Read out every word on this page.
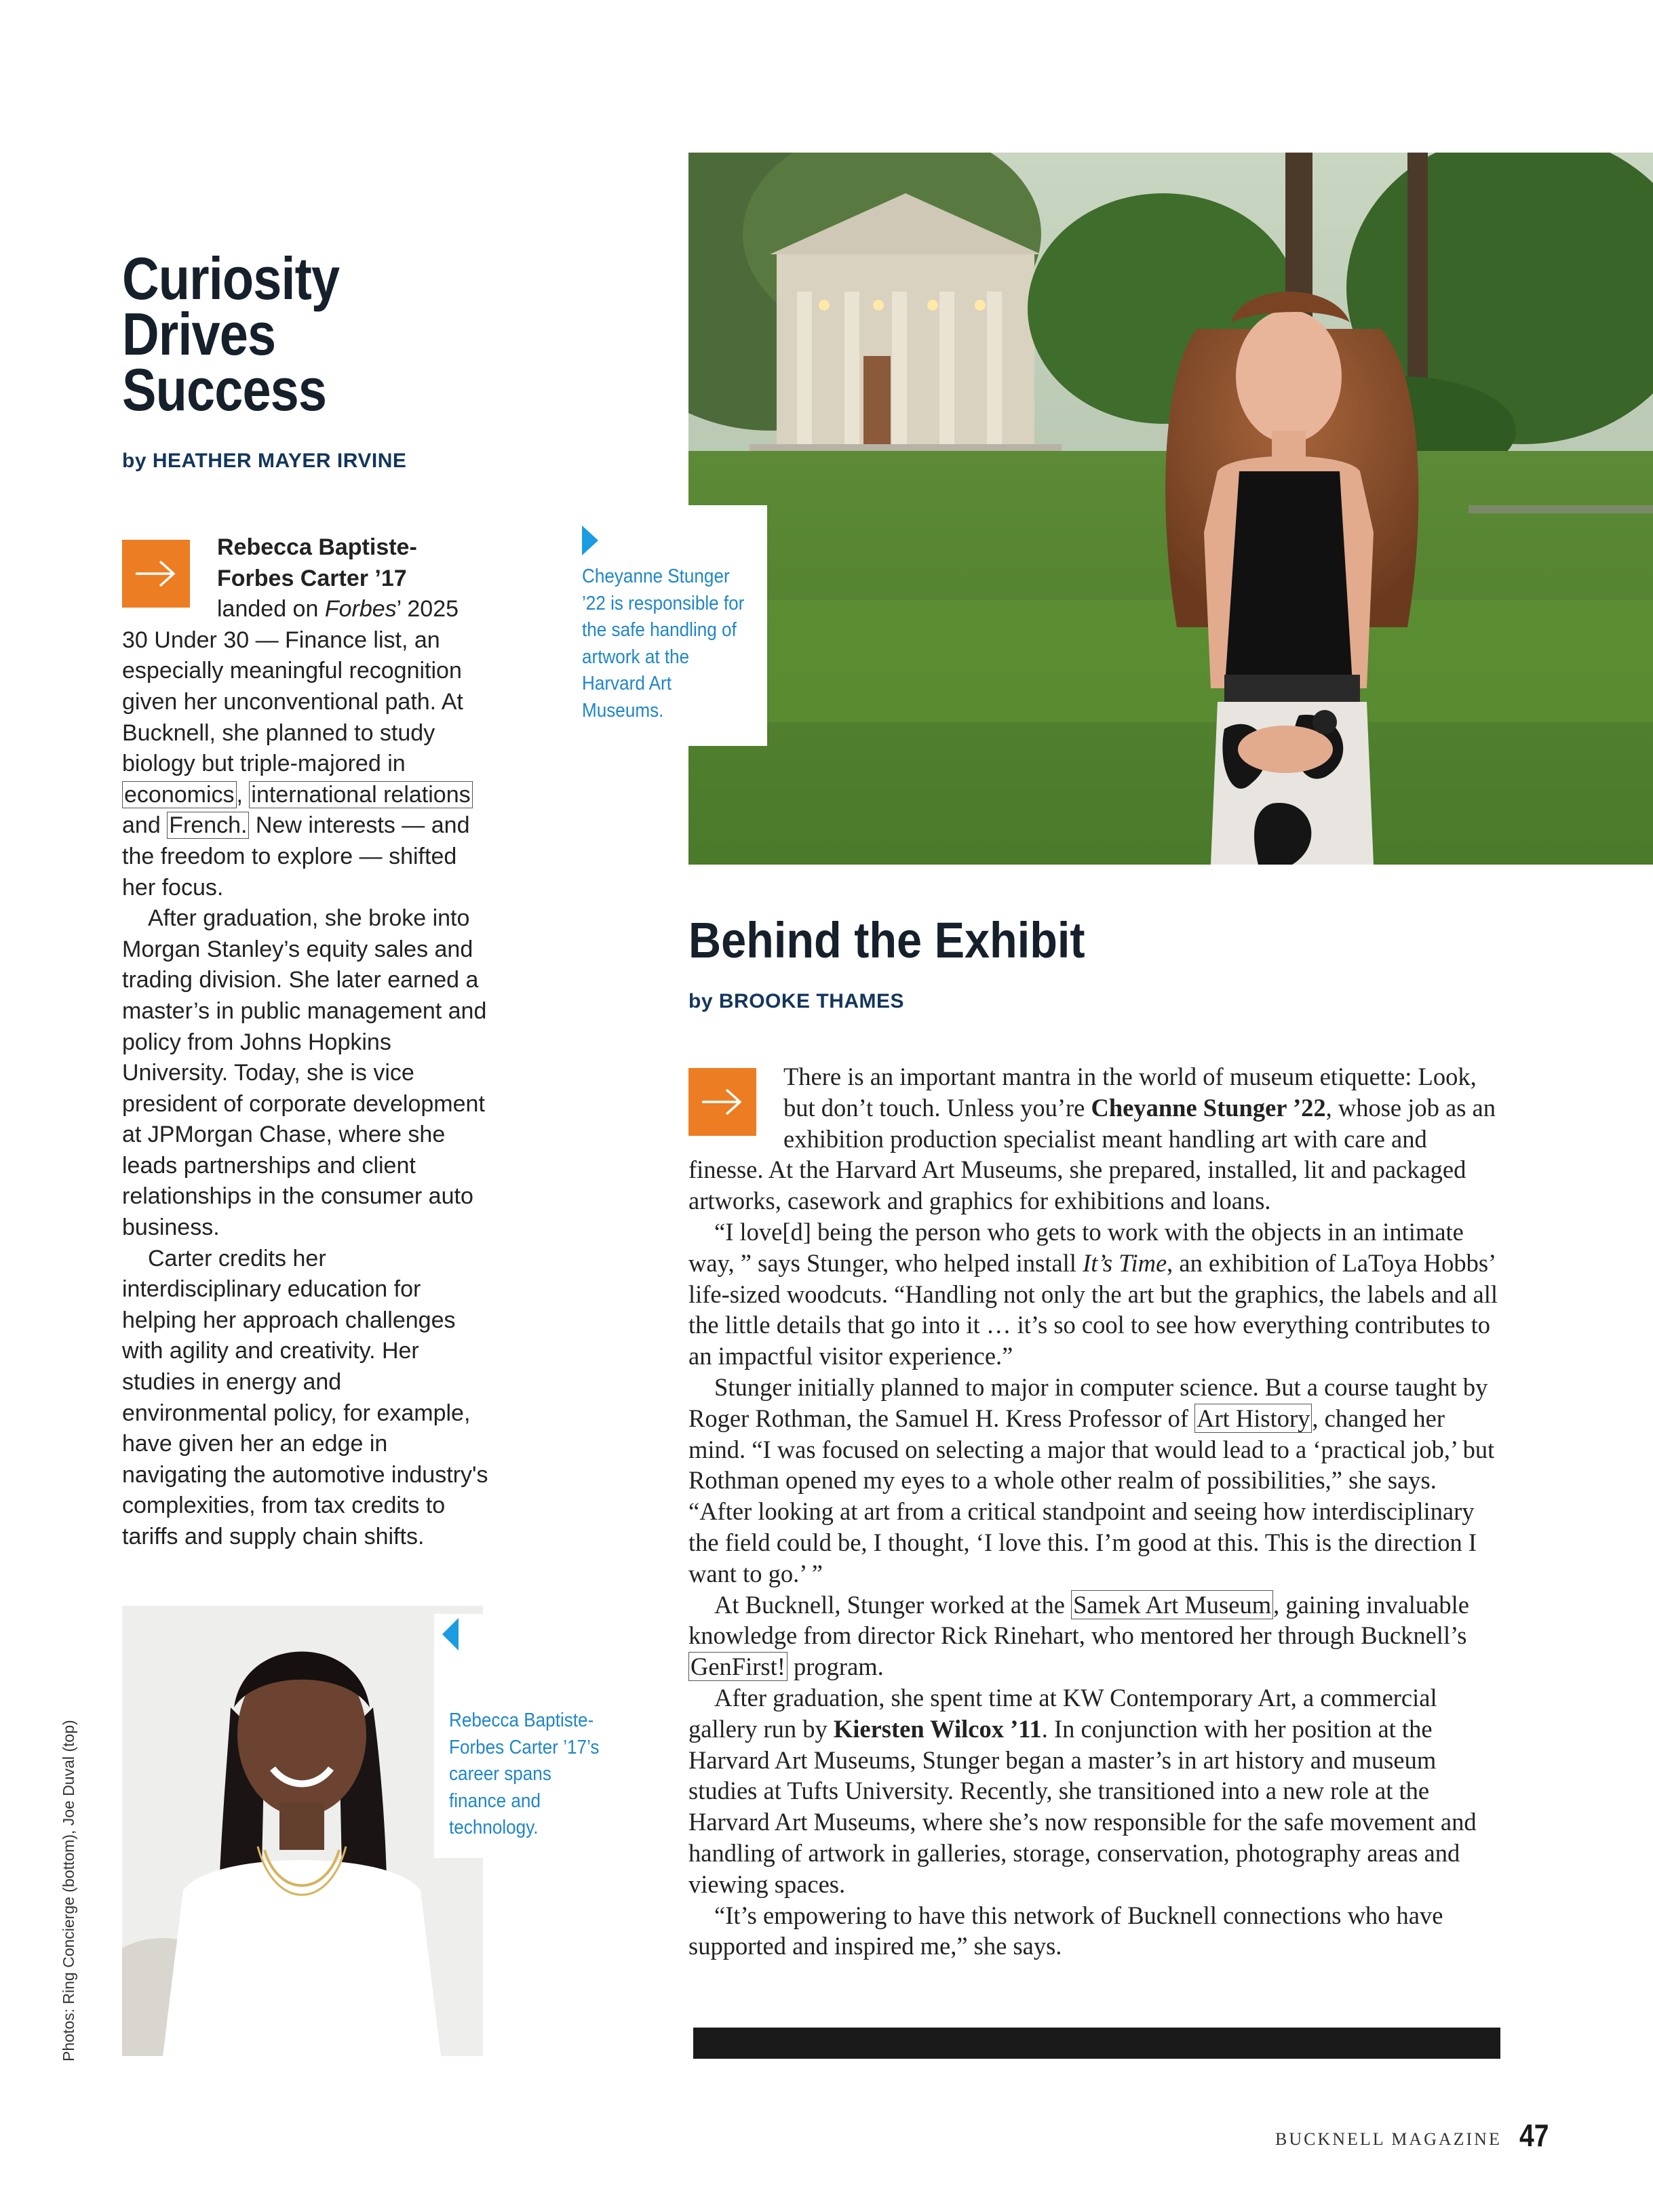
Cheyanne Stunger ’22 is responsible for the safe handling of artwork at the Harvard Art Museums.
Curiosity
Drives
Success
by HEATHER MAYER IRVINE

Rebecca Baptiste-
Forbes Carter ’17
landed on Forbes’ 2025 30 Under 30 — Finance list, an especially meaningful recognition given her unconventional path. At Bucknell, she planned to study biology but triple-majored in economics, international relations and French. New interests — and the freedom to explore — shifted her focus.

After graduation, she broke into Morgan Stanley’s equity sales and trading division. She later earned a master’s in public management and policy from Johns Hopkins University. Today, she is vice president of corporate development at JPMorgan Chase, where she leads partnerships and client relationships in the consumer auto business.

Carter credits her interdisciplinary education for helping her approach challenges with agility and creativity. Her studies in energy and environmental policy, for example, have given her an edge in navigating the automotive industry's complexities, from tax credits to tariffs and supply chain shifts.

Rebecca Baptiste-Forbes Carter ’17’s career spans finance and technology.
Behind the Exhibit
by BROOKE THAMES

There is an important mantra in the world of museum etiquette: Look, but don’t touch. Unless you’re Cheyanne Stunger ’22, whose job as an exhibition production specialist meant handling art with care and finesse. At the Harvard Art Museums, she prepared, installed, lit and packaged artworks, casework and graphics for exhibitions and loans.

“I love[d] being the person who gets to work with the objects in an intimate way, ” says Stunger, who helped install It’s Time, an exhibition of LaToya Hobbs’ life-sized woodcuts. “Handling not only the art but the graphics, the labels and all the little details that go into it … it’s so cool to see how everything contributes to an impactful visitor experience.”

Stunger initially planned to major in computer science. But a course taught by Roger Rothman, the Samuel H. Kress Professor of Art History, changed her mind. “I was focused on selecting a major that would lead to a ‘practical job,’ but Rothman opened my eyes to a whole other realm of possibilities,” she says. “After looking at art from a critical standpoint and seeing how interdisciplinary the field could be, I thought, ‘I love this. I’m good at this. This is the direction I want to go.’ ”

At Bucknell, Stunger worked at the Samek Art Museum, gaining invaluable knowledge from director Rick Rinehart, who mentored her through Bucknell’s GenFirst! program.

After graduation, she spent time at KW Contemporary Art, a commercial gallery run by Kiersten Wilcox ’11. In conjunction with her position at the Harvard Art Museums, Stunger began a master’s in art history and museum studies at Tufts University. Recently, she transitioned into a new role at the Harvard Art Museums, where she’s now responsible for the safe movement and handling of artwork in galleries, storage, conservation, photography areas and viewing spaces.

“It’s empowering to have this network of Bucknell connections who have supported and inspired me,” she says.

Photos: Ring Concierge (bottom), Joe Duval (top)
BUCKNELL MAGAZINE 47
